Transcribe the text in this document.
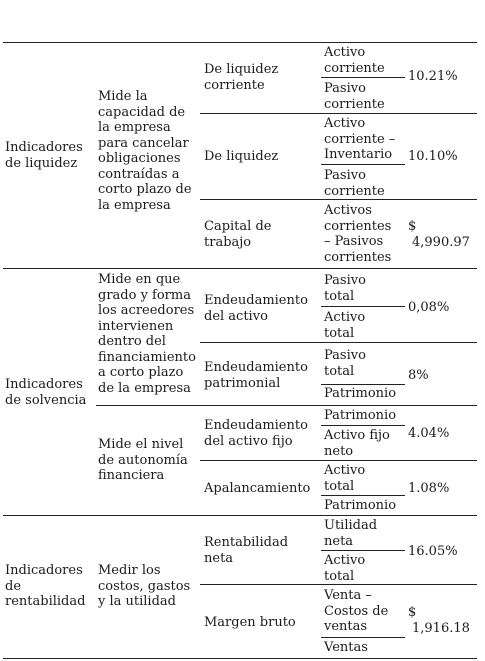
Indicadores
de liquidez
Mide la
capacidad de
la empresa
para cancelar
obligaciones
contraídas a
corto plazo de
la empresa
De liquidez
corriente
Activo
corriente
Pasivo
corriente
10.21%
De liquidez
Activo
corriente –
Inventario
Pasivo
corriente
10.10%
Capital de
trabajo
Activos
corrientes
– Pasivos
corrientes
$
4,990.97
Indicadores
de solvencia
Mide en que
grado y forma
los acreedores
intervienen
dentro del
financiamiento
a corto plazo
de la empresa
Mide el nivel
de autonomía
financiera
Endeudamiento
del activo
Pasivo
total
Activo
total
0,08%
Endeudamiento
patrimonial
Pasivo
total
Patrimonio
8%
Endeudamiento
del activo fijo
Patrimonio
Activo fijo
neto
4.04%
Apalancamiento
Activo
total
Patrimonio
1.08%
Indicadores
de
rentabilidad
Medir los
costos, gastos
y la utilidad
Rentabilidad
neta
Utilidad
neta
Activo
total
16.05%
Margen bruto
Venta –
Costos de
ventas
Ventas
$
1,916.18
